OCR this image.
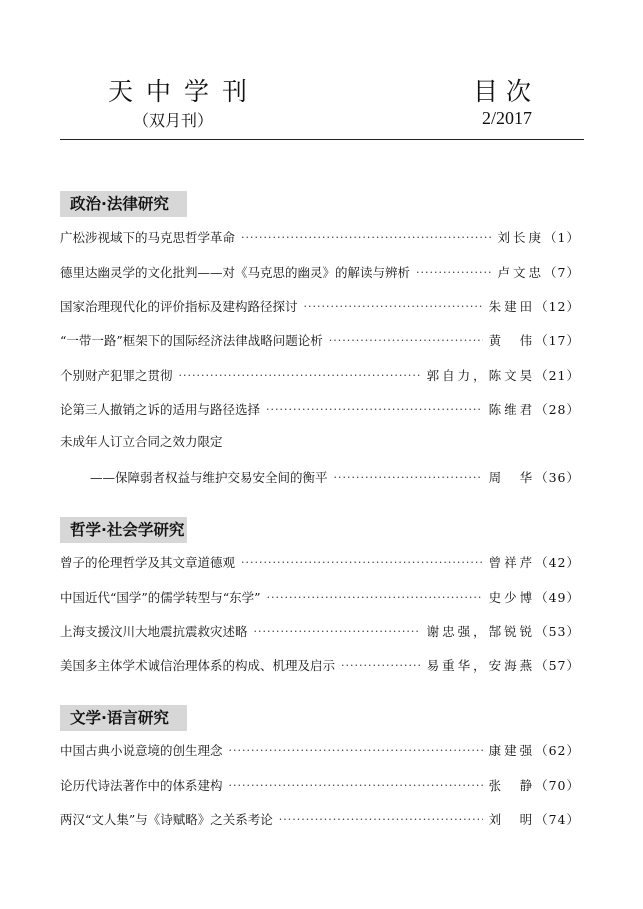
天中学刊
（双月刊）
目次
2/2017
政治·法律研究
广松涉视域下的马克思哲学革命 ·····	刘长庚 （1）
德里达幽灵学的文化批判——对《马克思的幽灵》的解读与辨析 ·····	卢文忠 （7）
国家治理现代化的评价指标及建构路径探讨 ·····	朱建田 （12）
“一带一路”框架下的国际经济法律战略问题论析 ·····	黄　伟 （17）
个别财产犯罪之贯彻 ·····	郭自力，陈文昊 （21）
论第三人撤销之诉的适用与路径选择 ·····	陈维君 （28）
未成年人订立合同之效力限定
——保障弱者权益与维护交易安全间的衡平 ·····	周　华 （36）
哲学·社会学研究
曾子的伦理哲学及其文章道德观 ·····	曾祥芹 （42）
中国近代“国学”的儒学转型与“东学” ·····	史少博 （49）
上海支援汶川大地震抗震救灾述略 ·····	谢忠强，郜锐锐 （53）
美国多主体学术诚信治理体系的构成、机理及启示 ·····	易重华，安海燕 （57）
文学·语言研究
中国古典小说意境的创生理念 ·····	康建强 （62）
论历代诗法著作中的体系建构 ·····	张　静 （70）
两汉“文人集”与《诗赋略》之关系考论 ·····	刘　明 （74）
